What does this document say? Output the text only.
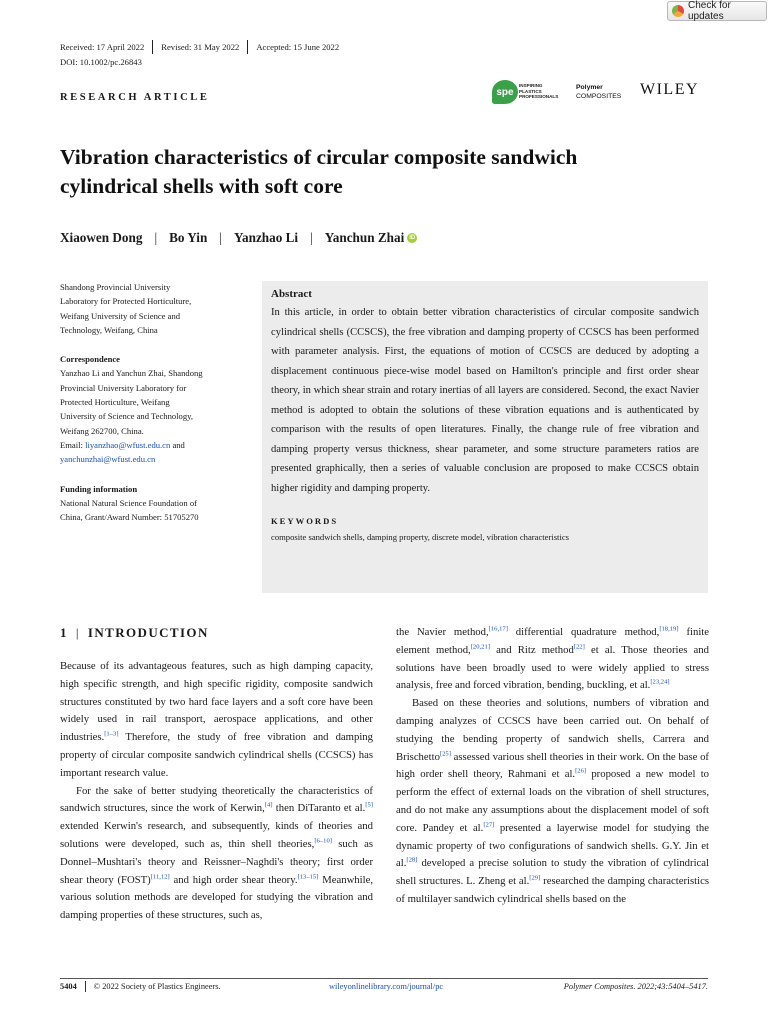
Check for updates
Received: 17 April 2022 Revised: 31 May 2022 Accepted: 15 June 2022
DOI: 10.1002/pc.26843
RESEARCH ARTICLE	spe
INSPIRING
PLASTICS
PROFESSIONALS
Polymer
COMPOSITES WILEY
Vibration characteristics of circular composite sandwich
cylindrical shells with soft core
Xiaowen Dong | Bo Yin | Yanzhao Li | Yanchun Zhai iD
Shandong Provincial University
Laboratory for Protected Horticulture,
Weifang University of Science and
Technology, Weifang, China
Correspondence
Yanzhao Li and Yanchun Zhai, Shandong
Provincial University Laboratory for
Protected Horticulture, Weifang
University of Science and Technology,
Weifang 262700, China.
Email: liyanzhao@wfust.edu.cn and
yanchunzhai@wfust.edu.cn
Funding information
National Natural Science Foundation of
China, Grant/Award Number: 51705270
Abstract
In this article, in order to obtain better vibration characteristics of circular composite sandwich cylindrical shells (CCSCS), the free vibration and damping property of CCSCS has been performed with parameter analysis. First, the equations of motion of CCSCS are deduced by adopting a displacement continuous piece-wise model based on Hamilton's principle and first order shear theory, in which shear strain and rotary inertias of all layers are considered. Second, the exact Navier method is adopted to obtain the solutions of these vibration equations and is authenticated by comparison with the results of open literatures. Finally, the change rule of free vibration and damping property versus thickness, shear parameter, and some structure parameters ratios are presented graphically, then a series of valuable conclusion are proposed to make CCSCS obtain higher rigidity and damping property.
KEYWORDS
composite sandwich shells, damping property, discrete model, vibration characteristics
1 | INTRODUCTION

Because of its advantageous features, such as high damping capacity, high specific strength, and high specific rigidity, composite sandwich structures constituted by two hard face layers and a soft core have been widely used in rail transport, aerospace applications, and other industries.[1–3] Therefore, the study of free vibration and damping property of circular composite sandwich cylindrical shells (CCSCS) has important research value.

For the sake of better studying theoretically the characteristics of sandwich structures, since the work of Kerwin,[4] then DiTaranto et al.[5] extended Kerwin's research, and subsequently, kinds of theories and solutions were developed, such as, thin shell theories,[6–10] such as Donnel–Mushtari's theory and Reissner–Naghdi's theory; first order shear theory (FOST)[11,12] and high order shear theory.[13–15] Meanwhile, various solution methods are developed for studying the vibration and damping properties of these structures, such as,

the Navier method,[16,17] differential quadrature method,[18,19] finite element method,[20,21] and Ritz method[22] et al. Those theories and solutions have been broadly used to were widely applied to stress analysis, free and forced vibration, bending, buckling, et al.[23,24]

Based on these theories and solutions, numbers of vibration and damping analyzes of CCSCS have been carried out. On behalf of studying the bending property of sandwich shells, Carrera and Brischetto[25] assessed various shell theories in their work. On the base of high order shell theory, Rahmani et al.[26] proposed a new model to perform the effect of external loads on the vibration of shell structures, and do not make any assumptions about the displacement model of soft core. Pandey et al.[27] presented a layerwise model for studying the dynamic property of two configurations of sandwich shells. G.Y. Jin et al.[28] developed a precise solution to study the vibration of cylindrical shell structures. L. Zheng et al.[29] researched the damping characteristics of multilayer sandwich cylindrical shells based on the

5404 © 2022 Society of Plastics Engineers.	wileyonlinelibrary.com/journal/pc	Polymer Composites. 2022;43:5404–5417.
